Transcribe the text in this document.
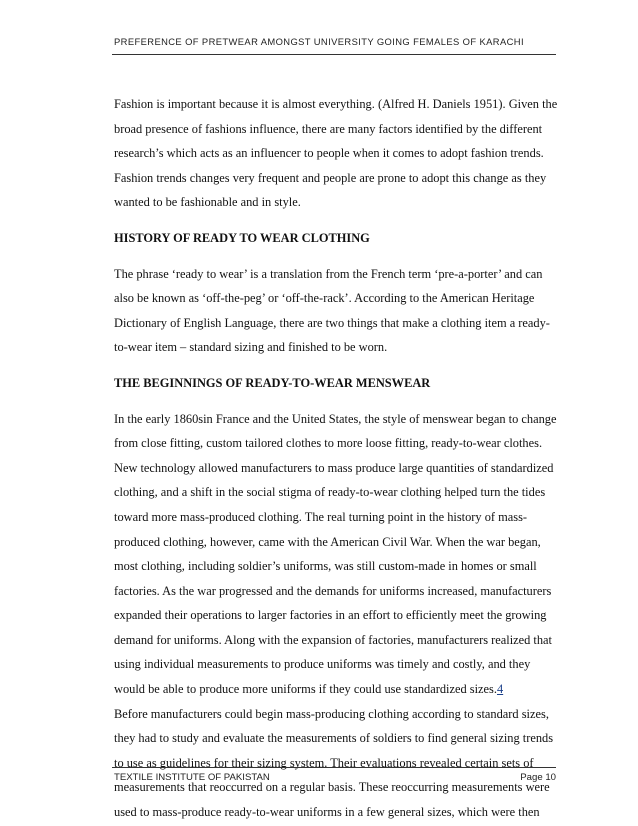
PREFERENCE OF PRETWEAR AMONGST UNIVERSITY GOING FEMALES OF KARACHI
Fashion is important because it is almost everything. (Alfred H. Daniels 1951). Given the
broad presence of fashions influence, there are many factors identified by the different
research’s which acts as an influencer to people when it comes to adopt fashion trends.
Fashion trends changes very frequent and people are prone to adopt this change as they
wanted to be fashionable and in style.
HISTORY OF READY TO WEAR CLOTHING
The phrase ‘ready to wear’ is a translation from the French term ‘pre-a-porter’ and can
also be known as ‘off-the-peg’ or ‘off-the-rack’. According to the American Heritage
Dictionary of English Language, there are two things that make a clothing item a ready-
to-wear item – standard sizing and finished to be worn.
THE BEGINNINGS OF READY-TO-WEAR MENSWEAR
In the early 1860sin France and the United States, the style of menswear began to change
from close fitting, custom tailored clothes to more loose fitting, ready-to-wear clothes.
New technology allowed manufacturers to mass produce large quantities of standardized
clothing, and a shift in the social stigma of ready-to-wear clothing helped turn the tides
toward more mass-produced clothing. The real turning point in the history of mass-
produced clothing, however, came with the American Civil War. When the war began,
most clothing, including soldier’s uniforms, was still custom-made in homes or small
factories. As the war progressed and the demands for uniforms increased, manufacturers
expanded their operations to larger factories in an effort to efficiently meet the growing
demand for uniforms. Along with the expansion of factories, manufacturers realized that
using individual measurements to produce uniforms was timely and costly, and they
would be able to produce more uniforms if they could use standardized sizes.4
Before manufacturers could begin mass-producing clothing according to standard sizes,
they had to study and evaluate the measurements of soldiers to find general sizing trends
to use as guidelines for their sizing system. Their evaluations revealed certain sets of
measurements that reoccurred on a regular basis. These reoccurring measurements were
used to mass-produce ready-to-wear uniforms in a few general sizes, which were then
TEXTILE INSTITUTE OF PAKISTAN	Page 10
